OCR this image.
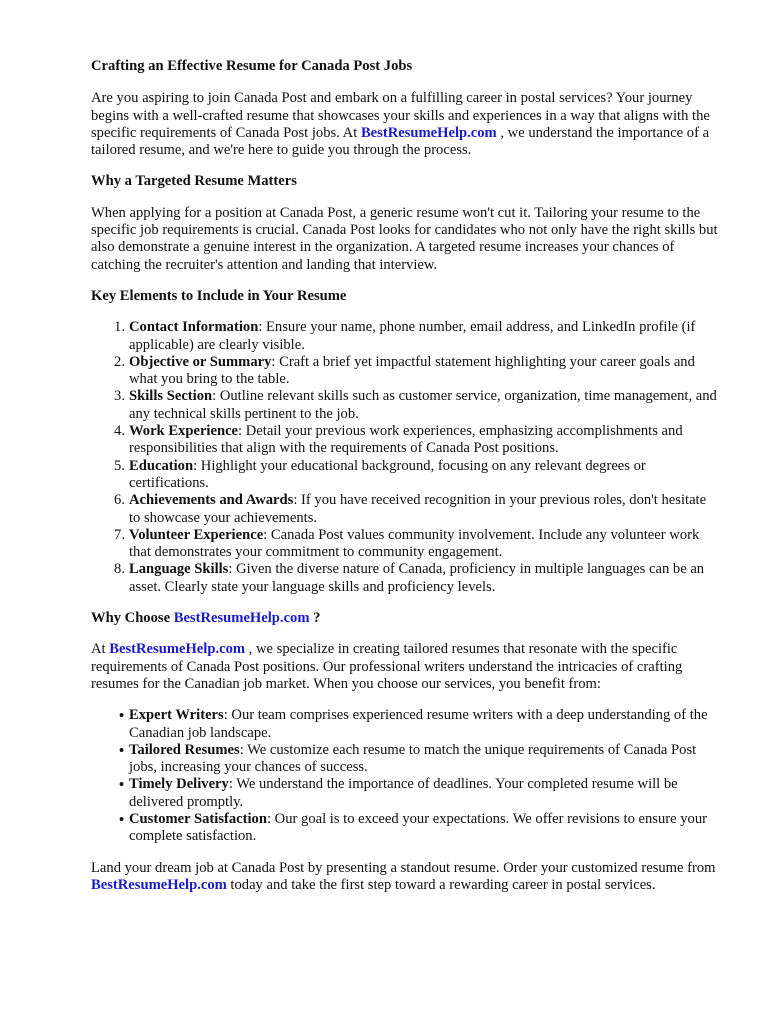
Crafting an Effective Resume for Canada Post Jobs

Are you aspiring to join Canada Post and embark on a fulfilling career in postal services? Your journey begins with a well-crafted resume that showcases your skills and experiences in a way that aligns with the specific requirements of Canada Post jobs. At BestResumeHelp.com , we understand the importance of a tailored resume, and we're here to guide you through the process.

Why a Targeted Resume Matters

When applying for a position at Canada Post, a generic resume won't cut it. Tailoring your resume to the specific job requirements is crucial. Canada Post looks for candidates who not only have the right skills but also demonstrate a genuine interest in the organization. A targeted resume increases your chances of catching the recruiter's attention and landing that interview.

Key Elements to Include in Your Resume
1. Contact Information: Ensure your name, phone number, email address, and LinkedIn profile (if applicable) are clearly visible.
2. Objective or Summary: Craft a brief yet impactful statement highlighting your career goals and what you bring to the table.
3. Skills Section: Outline relevant skills such as customer service, organization, time management, and any technical skills pertinent to the job.
4. Work Experience: Detail your previous work experiences, emphasizing accomplishments and responsibilities that align with the requirements of Canada Post positions.
5. Education: Highlight your educational background, focusing on any relevant degrees or certifications.
6. Achievements and Awards: If you have received recognition in your previous roles, don't hesitate to showcase your achievements.
7. Volunteer Experience: Canada Post values community involvement. Include any volunteer work that demonstrates your commitment to community engagement.
8. Language Skills: Given the diverse nature of Canada, proficiency in multiple languages can be an asset. Clearly state your language skills and proficiency levels.
Why Choose BestResumeHelp.com ?

At BestResumeHelp.com , we specialize in creating tailored resumes that resonate with the specific requirements of Canada Post positions. Our professional writers understand the intricacies of crafting resumes for the Canadian job market. When you choose our services, you benefit from:

• Expert Writers: Our team comprises experienced resume writers with a deep understanding of the Canadian job landscape.
• Tailored Resumes: We customize each resume to match the unique requirements of Canada Post jobs, increasing your chances of success.
• Timely Delivery: We understand the importance of deadlines. Your completed resume will be delivered promptly.
• Customer Satisfaction: Our goal is to exceed your expectations. We offer revisions to ensure your complete satisfaction.

Land your dream job at Canada Post by presenting a standout resume. Order your customized resume from BestResumeHelp.com today and take the first step toward a rewarding career in postal services.
